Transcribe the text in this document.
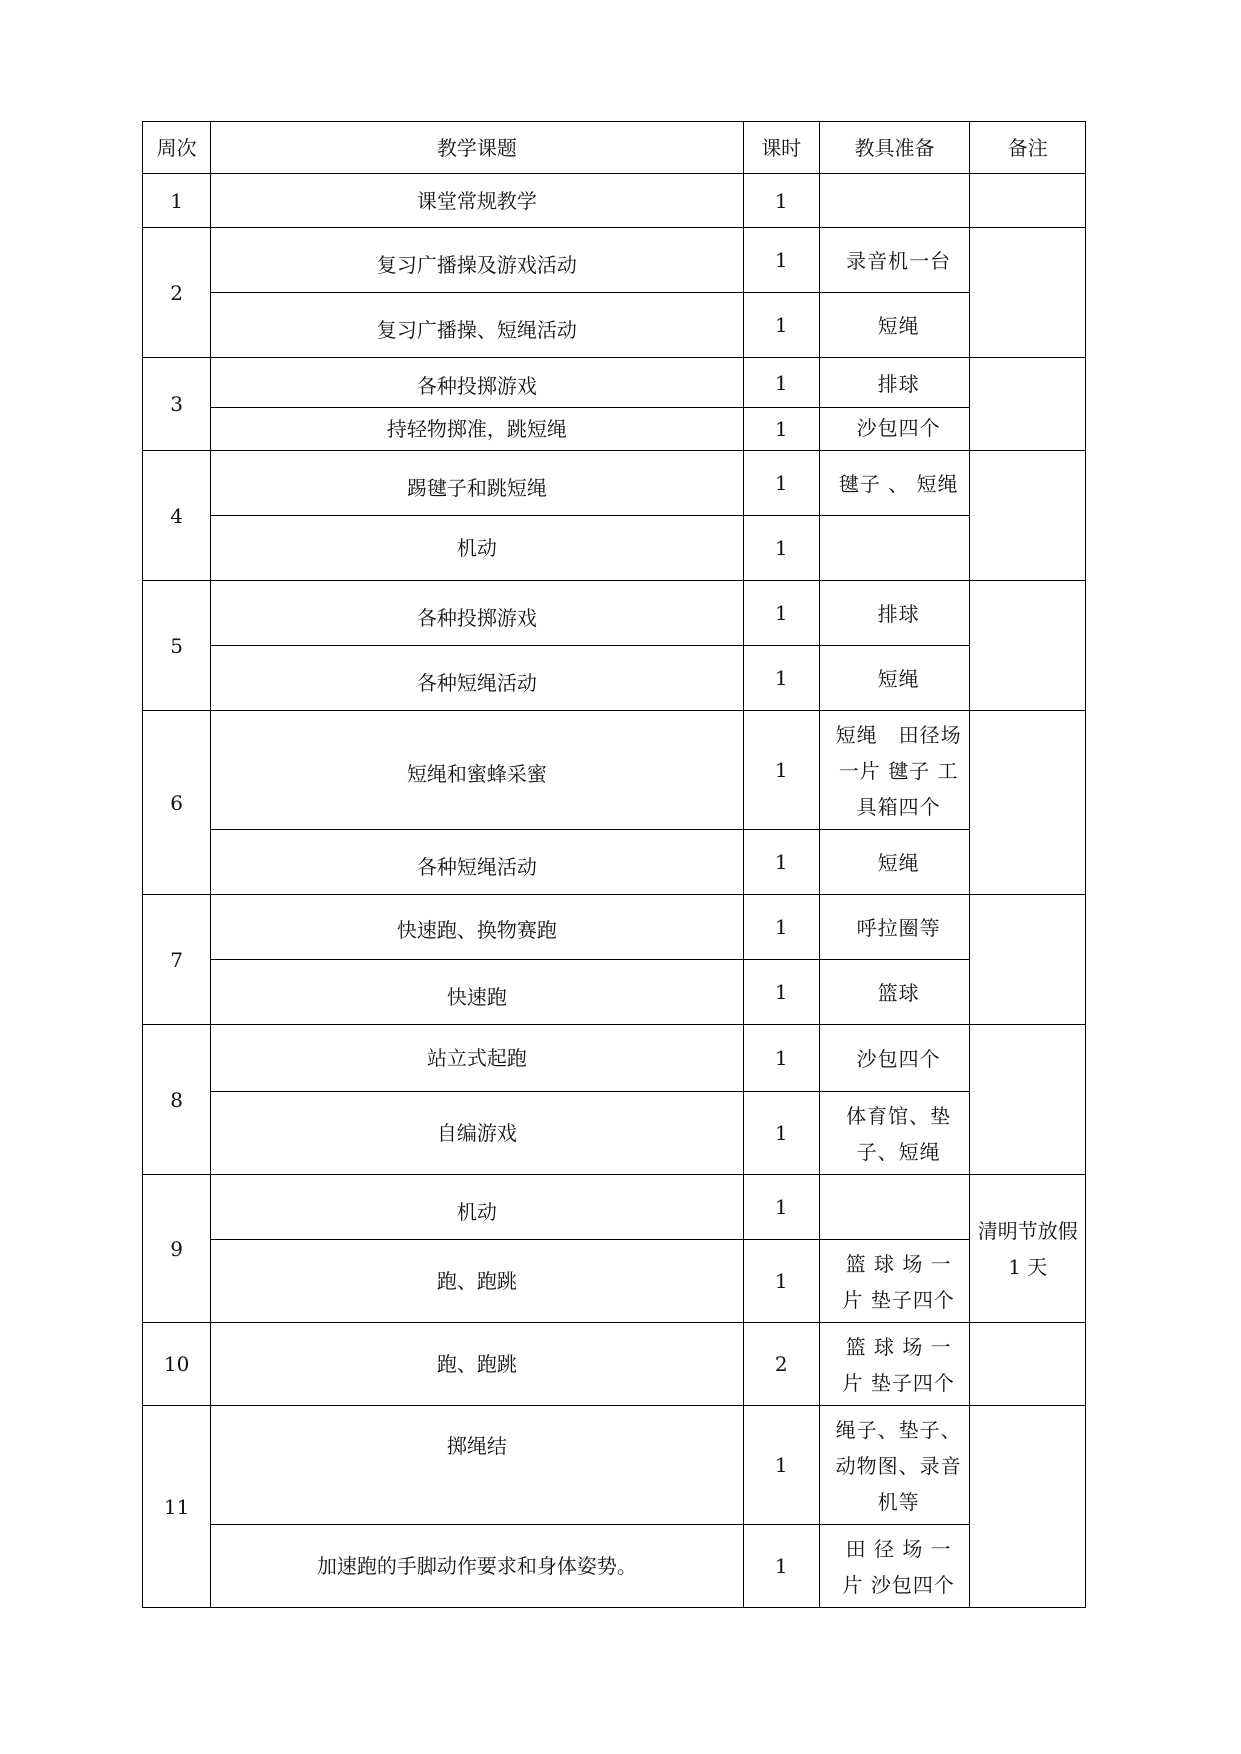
周次	教学课题	课时	教具准备	备注
1	课堂常规教学	1		
2	复习广播操及游戏活动	1	录音机一台	
	复习广播操、短绳活动	1	短绳	
3	各种投掷游戏	1	排球	
	持轻物掷准，跳短绳	1	沙包四个	
4	踢毽子和跳短绳	1	毽子 、 短绳	
	机动	1		
5	各种投掷游戏	1	排球	
	各种短绳活动	1	短绳	
6	短绳和蜜蜂采蜜	1	短绳　田径场一片 毽子 工具箱四个	
	各种短绳活动	1	短绳	
7	快速跑、换物赛跑	1	呼拉圈等	
	快速跑	1	篮球	
8	站立式起跑	1	沙包四个	
	自编游戏	1	体育馆、垫子、短绳	
9	机动	1		清明节放假 1 天
	跑、跑跳	1	篮 球 场 一 片 垫子四个	
10	跑、跑跳	2	篮 球 场 一 片 垫子四个	
11	掷绳结	1	绳子、垫子、动物图、录音机等	
	加速跑的手脚动作要求和身体姿势。	1	田 径 场 一 片 沙包四个	
